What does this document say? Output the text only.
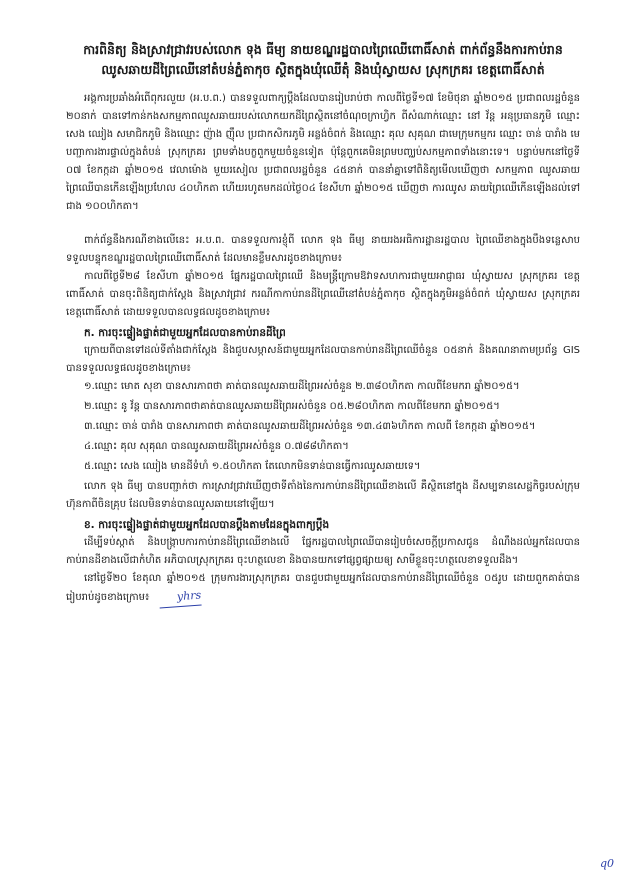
ការពិនិត្យ និងស្រាវជ្រាវរបស់លោក ទុង ធីម្យ នាយខណ្ឌរដ្ឋបាលព្រៃឈើពោធិ៍សាត់ ពាក់ព័ន្ធនឹងការកាប់រាន
ឈូសឆាយដីព្រៃឈើនៅតំបន់ភ្នំតាកុច ស្ថិតក្នុងឃុំឈើតុំ និងឃុំស្វាយស ស្រុកក្រគរ ខេត្តពោធិ៍សាត់

អង្គការប្រឆាំងអំពើពុករលួយ (អ.ប.ព.) បានទទួលពាក្យប្តឹងដែលបានរៀបរាប់ថា កាលពីថ្ងៃទី១៧ ខែមិថុនា ឆ្នាំ២០១៥ ប្រជាពលរដ្ឋចំនួន ២០នាក់ បានទៅកាន់កងសកម្មភាពឈូសឆាយរបស់លោកយកដីព្រៃស្ថិតនៅចំណុចក្រាហ្វិក ពីសំណាក់ឈ្មោះ នៅ វ័ន្ត អនុប្រធានភូមិ ឈ្មោះ សេង ឈៀង សមាជិកភូមិ និងឈ្មោះ ញ៉ាង ញ៉ឹល ប្រជាកសិករភូមិ អន្លង់ចំពក់ និងឈ្មោះ គុល សុគុណ ជាមេក្រុមកម្មករ ឈ្មោះ ចាន់ បារាំង មេបញ្ជាការងារផ្ទាល់ក្នុងតំបន់ ស្រុកក្រគរ ព្រមទាំងបក្ខពួកមួយចំនួនទៀត ប៉ុន្តែពួកគេមិនព្រមបញ្ឈប់សកម្មភាពទាំងនោះទេ។ បន្ទាប់មកនៅថ្ងៃទី ០៧ ខែកក្កដា ឆ្នាំ២០១៥ វេលាម៉ោង មួយរសៀល ប្រជាពលរដ្ឋចំនួន ៤៥នាក់ បាននាំគ្នាទៅពិនិត្យមើលឃើញថា សកម្មភាព ឈូសឆាយព្រៃឈើបានកើនឡើងប្រហែល ៤០ហិកតា ហើយរហូតមកដល់ថ្ងៃ០៤ ខែសីហា ឆ្នាំ២០១៥ ឃើញថា ការឈូស ឆាយព្រៃឈើកើនឡើងដល់ទៅជាង ១០០ហិកតា។

ពាក់ព័ន្ធនឹងករណីខាងលើនេះ អ.ប.ព. បានទទួលការខ្ញុំពី លោក ទុង ធីម្យ នាយរងអធិការដ្ឋានរដ្ឋបាល ព្រៃឈើខាងក្នុងបឹងទន្លេសាប ទទួលបន្ទុកខណ្ឌរដ្ឋបាលព្រៃឈើពោធិ៍សាត់ ដែលមានខ្លឹមសារដូចខាងក្រោម៖

កាលពីថ្ងៃទី២៨ ខែសីហា ឆ្នាំ២០១៥ ផ្នែករដ្ឋបាលព្រៃឈើ និងមន្ត្រីក្រោមឱវាទសហការជាមួយអាជ្ញាធរ ឃុំស្វាយស ស្រុកក្រគរ ខេត្តពោធិ៍សាត់ បានចុះពិនិត្យជាក់ស្តែង និងស្រាវជ្រាវ ករណីកាកាប់រានដីព្រៃឈើនៅតំបន់ភ្នំតាកុច ស្ថិតក្នុងភូមិអន្លង់ចំពក់ ឃុំស្វាយស ស្រុកក្រគរ ខេត្តពោធិ៍សាត់ ដោយទទួលបានលទ្ធផលដូចខាងក្រោម៖

ក. ការចុះផ្ទៀងផ្ទាត់ជាមួយអ្នកដែលបានកាប់រានដីព្រៃ

ក្រោយពីបានទៅដល់ទីតាំងជាក់ស្តែង និងជួបសម្ភាសន៍ជាមួយអ្នកដែលបានកាប់រានដីព្រៃឈើចំនួន ០៥នាក់ និងគណនាតាមប្រព័ន្ធ GIS បានទទួលលទ្ធផលដូចខាងក្រោម៖

១.ឈ្មោះ មោត សុខា បានសារភាពថា គាត់បានឈូសឆាយដីព្រៃអស់ចំនួន ២.៣៨០ហិកតា កាលពីខែមករា ឆ្នាំ២០១៥។
២.ឈ្មោះ នូ វ័ន្ត បានសារភាពថាគាត់បានឈូសឆាយដីព្រៃអស់ចំនួន ០៥.២៨០ហិកតា កាលពីខែមករា ឆ្នាំ២០១៥។
៣.ឈ្មោះ ចាន់ បារាំង បានសារភាពថា គាត់បានឈូសឆាយដីព្រៃអស់ចំនួន ១៣.៤៣៦ហិកតា កាលពី ខែកក្កដា ឆ្នាំ២០១៥។
៤.ឈ្មោះ គុល សុគុណ បានឈូសឆាយដីព្រៃអស់ចំនួន ០.៧៨៨ហិកតា។
៥.ឈ្មោះ សេង ឈៀង មានដីទំហំ ១.៥០ហិកតា តែលោកមិនទាន់បានធ្វើការឈូសឆាយទេ។

លោក ទុង ធីម្យ បានបញ្ជាក់ថា ការស្រាវជ្រាវឃើញថាទីតាំងនៃការកាប់រានដីព្រៃឈើខាងលើ គឺស្ថិតនៅក្នុង ដីសម្បទានសេដ្ឋកិច្ចរបស់ក្រុមហ៊ុនកាពីចិនគ្រុប ដែលមិនទាន់បានឈូសឆាយនៅឡើយ។

ខ. ការចុះផ្ទៀងផ្ទាត់ជាមួយអ្នកដែលបានប្តឹងតាមដែនក្នុងពាក្យប្តឹង

ដើម្បីទប់ស្កាត់ និងបង្ក្រាបការកាប់រានដីព្រៃឈើខាងលើ ផ្នែករដ្ឋបាលព្រៃឈើបានរៀបចំសេចក្តីប្រកាសជូន ដំណឹងដល់អ្នកដែលបានកាប់រានដីខាងលើជាកំហិត អភិបាលស្រុកក្រគរ ចុះហត្ថលេខា និងបានយកទៅផ្សព្វផ្សាយឲ្យ សាមីខ្លួនចុះហត្ថលេខាទទួលដឹង។

នៅថ្ងៃទី២០ ខែតុលា ឆ្នាំ២០១៥ ក្រុមការងារស្រុកក្រគរ បានជួបជាមួយអ្នកដែលបានកាប់រានដីព្រៃឈើចំនួន ០៥រូប ដោយពួកគាត់បានរៀបរាប់ដូចខាងក្រោម៖ yhrs

q0
